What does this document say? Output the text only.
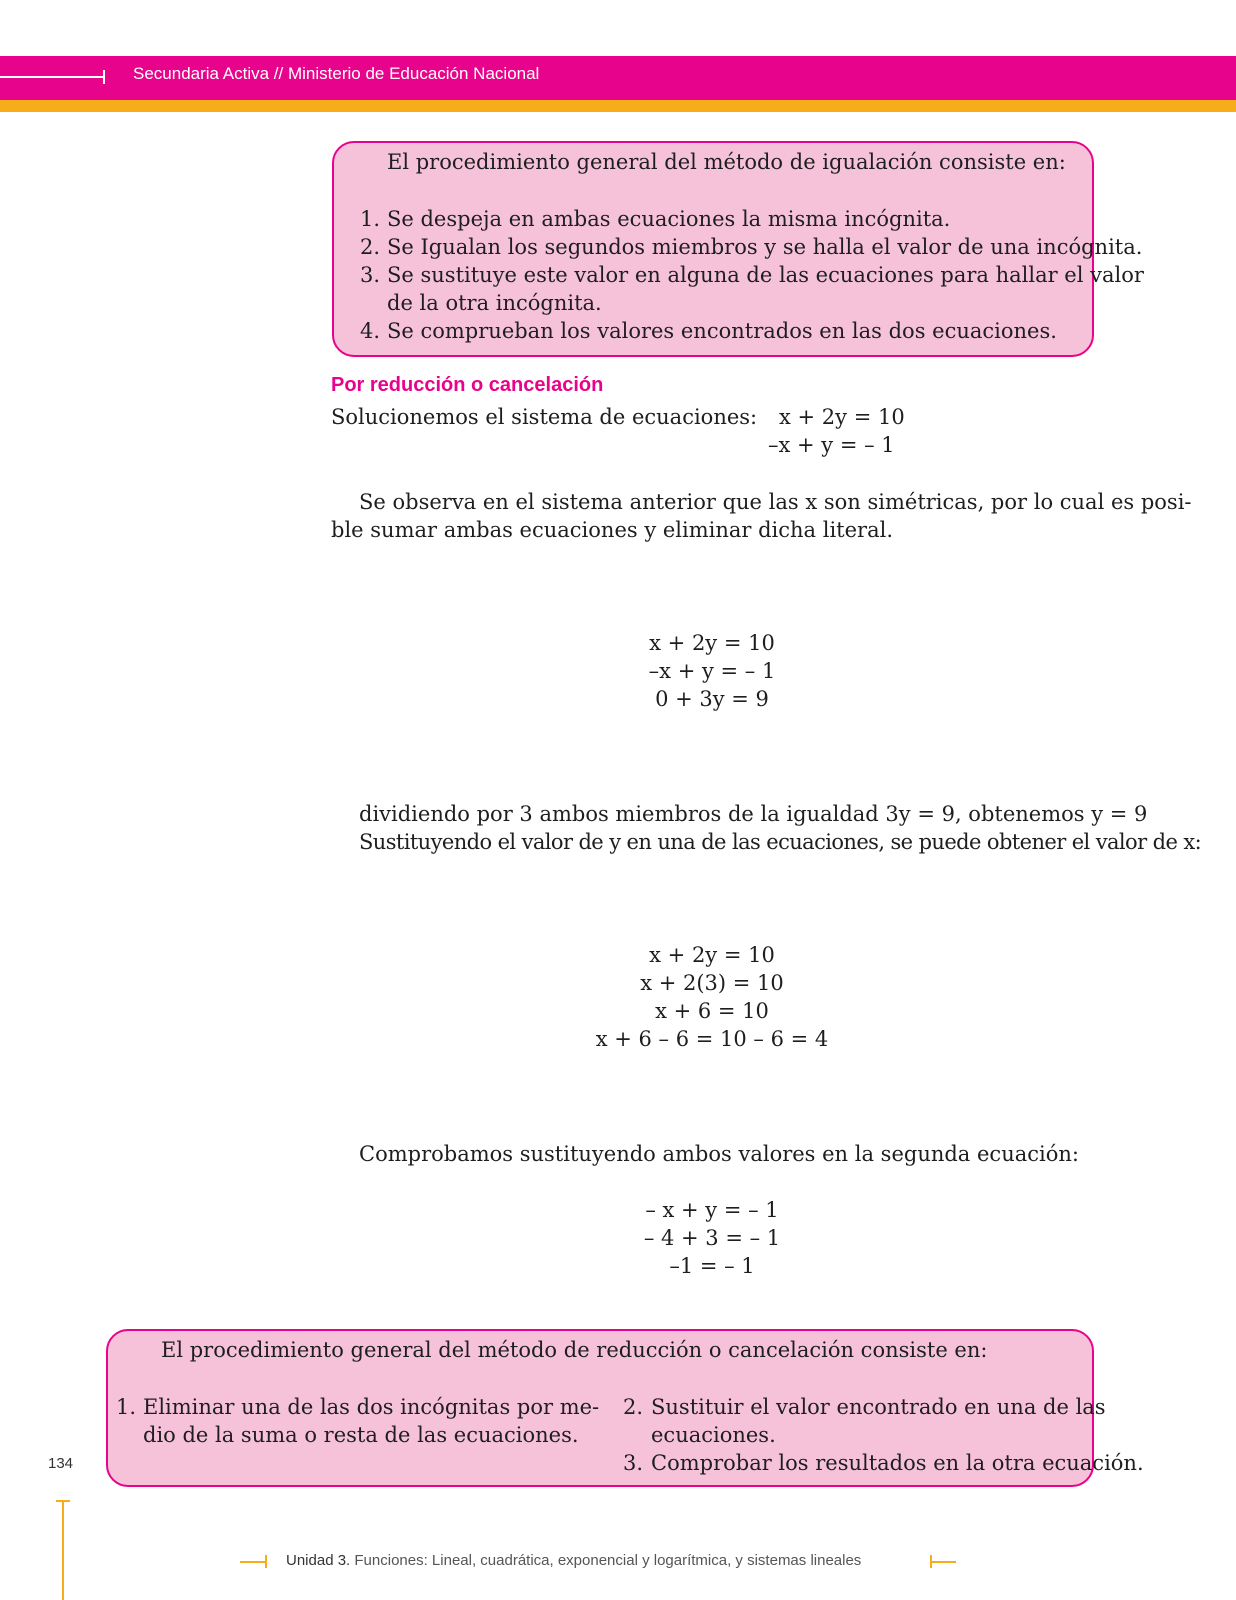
Secundaria Activa // Ministerio de Educación Nacional
El procedimiento general del método de igualación consiste en:
1. Se despeja en ambas ecuaciones la misma incógnita.
2. Se Igualan los segundos miembros y se halla el valor de una incógnita.
3. Se sustituye este valor en alguna de las ecuaciones para hallar el valor
de la otra incógnita.
4. Se comprueban los valores encontrados en las dos ecuaciones.
Por reducción o cancelación
Solucionemos el sistema de ecuaciones: x + 2y = 10
–x + y = – 1
Se observa en el sistema anterior que las x son simétricas, por lo cual es posi-
ble sumar ambas ecuaciones y eliminar dicha literal.
x + 2y = 10
–x + y = – 1
0 + 3y = 9
dividiendo por 3 ambos miembros de la igualdad 3y = 9, obtenemos y = 9
Sustituyendo el valor de y en una de las ecuaciones, se puede obtener el valor de x:
x + 2y = 10
x + 2(3) = 10
x + 6 = 10
x + 6 – 6 = 10 – 6 = 4
Comprobamos sustituyendo ambos valores en la segunda ecuación:
– x + y = – 1
– 4 + 3 = – 1
–1 = – 1
El procedimiento general del método de reducción o cancelación consiste en:
1. Eliminar una de las dos incógnitas por me-
dio de la suma o resta de las ecuaciones.
2. Sustituir el valor encontrado en una de las
ecuaciones.
3. Comprobar los resultados en la otra ecuación.
134
Unidad 3. Funciones: Lineal, cuadrática, exponencial y logarítmica, y sistemas lineales
